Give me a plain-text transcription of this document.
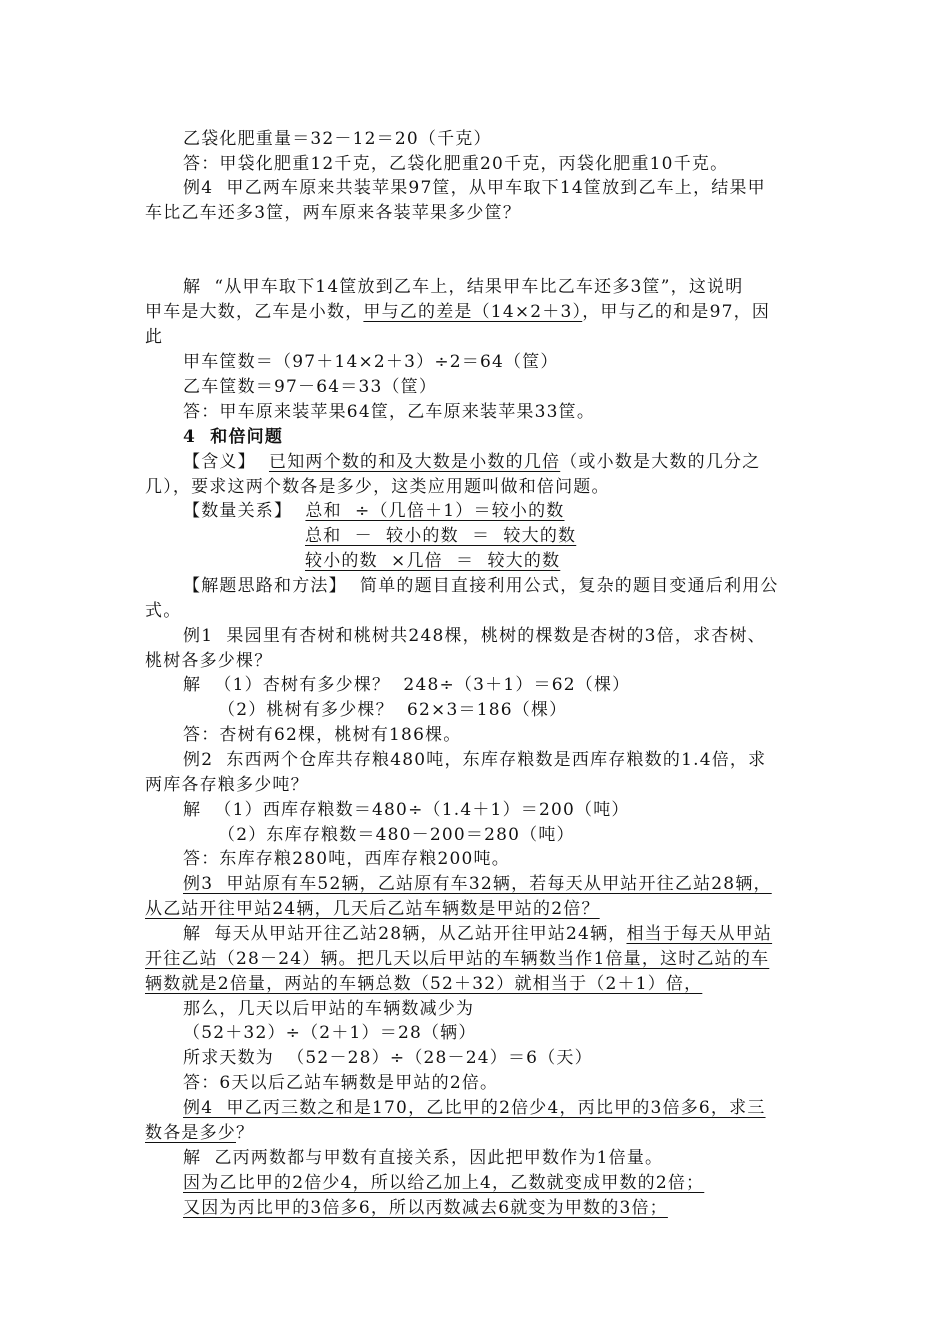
乙袋化肥重量＝32－12＝20（千克）
答：甲袋化肥重12千克，乙袋化肥重20千克，丙袋化肥重10千克。
例4  甲乙两车原来共装苹果97筐，从甲车取下14筐放到乙车上，结果甲
车比乙车还多3筐，两车原来各装苹果多少筐？
解  “从甲车取下14筐放到乙车上，结果甲车比乙车还多3筐”，这说明
甲车是大数，乙车是小数，甲与乙的差是（14×2＋3），甲与乙的和是97，因
此
甲车筐数＝（97＋14×2＋3）÷2＝64（筐）
乙车筐数＝97－64＝33（筐）
答：甲车原来装苹果64筐，乙车原来装苹果33筐。
4  和倍问题
【含义】  已知两个数的和及大数是小数的几倍（或小数是大数的几分之
几），要求这两个数各是多少，这类应用题叫做和倍问题。
【数量关系】  总和  ÷（几倍＋1）＝较小的数
总和  －  较小的数  ＝  较大的数
较小的数  ×几倍  ＝  较大的数
【解题思路和方法】  简单的题目直接利用公式，复杂的题目变通后利用公
式。
例1  果园里有杏树和桃树共248棵，桃树的棵数是杏树的3倍，求杏树、
桃树各多少棵？
解  （1）杏树有多少棵？  248÷（3＋1）＝62（棵）
（2）桃树有多少棵？  62×3＝186（棵）
答：杏树有62棵，桃树有186棵。
例2  东西两个仓库共存粮480吨，东库存粮数是西库存粮数的1.4倍，求
两库各存粮多少吨？
解  （1）西库存粮数＝480÷（1.4＋1）＝200（吨）
（2）东库存粮数＝480－200＝280（吨）
答：东库存粮280吨，西库存粮200吨。
例3  甲站原有车52辆，乙站原有车32辆，若每天从甲站开往乙站28辆，
从乙站开往甲站24辆，几天后乙站车辆数是甲站的2倍？
解  每天从甲站开往乙站28辆，从乙站开往甲站24辆，相当于每天从甲站
开往乙站（28－24）辆。把几天以后甲站的车辆数当作1倍量，这时乙站的车
辆数就是2倍量，两站的车辆总数（52＋32）就相当于（2＋1）倍，
那么，几天以后甲站的车辆数减少为
（52＋32）÷（2＋1）＝28（辆）
所求天数为  （52－28）÷（28－24）＝6（天）
答：6天以后乙站车辆数是甲站的2倍。
例4  甲乙丙三数之和是170，乙比甲的2倍少4，丙比甲的3倍多6，求三
数各是多少？
解  乙丙两数都与甲数有直接关系，因此把甲数作为1倍量。
因为乙比甲的2倍少4，所以给乙加上4，乙数就变成甲数的2倍；
又因为丙比甲的3倍多6，所以丙数减去6就变为甲数的3倍；
